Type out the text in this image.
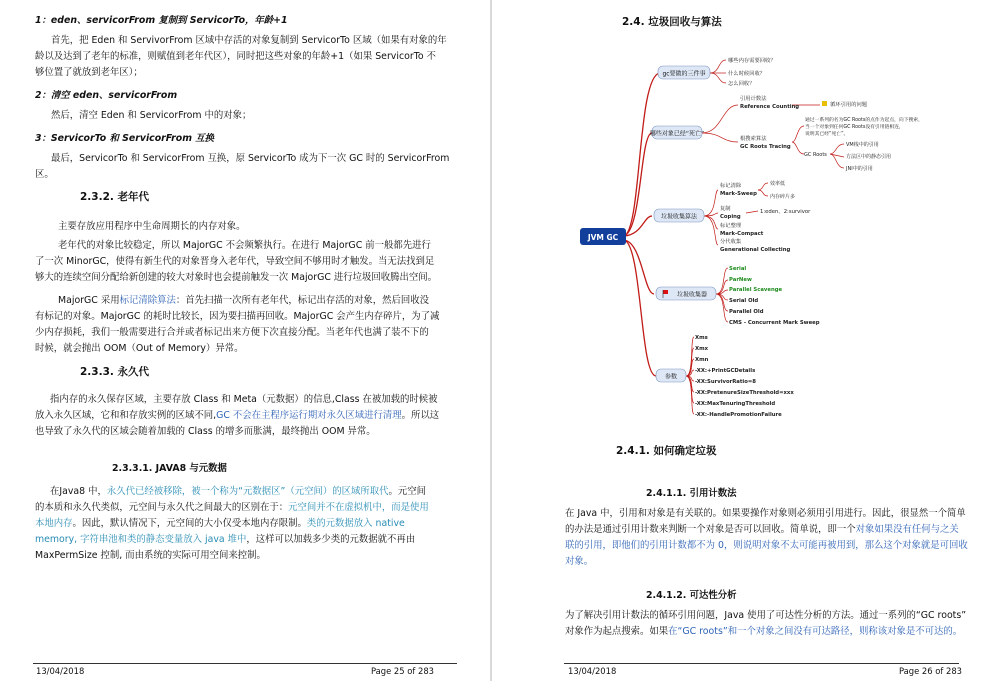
1：eden、servicorFrom 复制到 ServicorTo，年龄+1
首先，把 Eden 和 ServivorFrom 区域中存活的对象复制到 ServicorTo 区域（如果有对象的年
龄以及达到了老年的标准，则赋值到老年代区），同时把这些对象的年龄+1（如果 ServicorTo 不
够位置了就放到老年区）；
2：清空 eden、servicorFrom
然后，清空 Eden 和 ServicorFrom 中的对象；
3：ServicorTo 和 ServicorFrom 互换
最后，ServicorTo 和 ServicorFrom 互换，原 ServicorTo 成为下一次 GC 时的 ServicorFrom
区。
2.3.2. 老年代
主要存放应用程序中生命周期长的内存对象。
老年代的对象比较稳定，所以 MajorGC 不会频繁执行。在进行 MajorGC 前一般都先进行
了一次 MinorGC，使得有新生代的对象晋身入老年代，导致空间不够用时才触发。当无法找到足
够大的连续空间分配给新创建的较大对象时也会提前触发一次 MajorGC 进行垃圾回收腾出空间。
MajorGC 采用标记清除算法：首先扫描一次所有老年代，标记出存活的对象，然后回收没
有标记的对象。MajorGC 的耗时比较长，因为要扫描再回收。MajorGC 会产生内存碎片，为了减
少内存损耗，我们一般需要进行合并或者标记出来方便下次直接分配。当老年代也满了装不下的
时候，就会抛出 OOM（Out of Memory）异常。
2.3.3. 永久代
指内存的永久保存区域，主要存放 Class 和 Meta（元数据）的信息,Class 在被加载的时候被
放入永久区域，它和和存放实例的区域不同,GC 不会在主程序运行期对永久区域进行清理。所以这
也导致了永久代的区域会随着加载的 Class 的增多而胀满，最终抛出 OOM 异常。
2.3.3.1. JAVA8 与元数据
在Java8 中，永久代已经被移除，被一个称为“元数据区”（元空间）的区域所取代。元空间
的本质和永久代类似，元空间与永久代之间最大的区别在于：元空间并不在虚拟机中，而是使用
本地内存。因此，默认情况下，元空间的大小仅受本地内存限制。类的元数据放入 native
memory, 字符串池和类的静态变量放入 java 堆中，这样可以加载多少类的元数据就不再由
MaxPermSize 控制, 而由系统的实际可用空间来控制。
13/04/2018	Page 25 of 283
2.4. 垃圾回收与算法
JVM GC
gc要做的三件事
哪些对象已经“死亡”
垃圾收集算法
垃圾收集器
参数
哪些内存需要回收？
什么时候回收？
怎么回收？
引用计数法
Reference Counting	循环引用的问题
根搜索算法
GC Roots Tracing
通过一系列的名为GC Roots的点作为起点，向下搜索，
当一个对象到任何GC Roots没有引用链相连，
说明其已经“死亡”。
GC Roots
VM栈中的引用
方法区中的静态引用
JNI中的引用
标记清除
Mark-Sweep
效率低
内存碎片多
复制
Coping
1:eden、2:survivor
标记整理
Mark-Compact
分代收集
Generational Collecting
Serial
ParNew
Parallel Scavenge
Serial Old
Parallel Old
CMS - Concurrent Mark Sweep
Xms
Xmx
Xmn
-XX:+PrintGCDetails
-XX:SurvivorRatio=8
-XX:PretenureSizeThreshold=xxx
-XX:MaxTenuringThreshold
-XX:-HandlePromotionFailure
2.4.1. 如何确定垃圾
2.4.1.1. 引用计数法
在 Java 中，引用和对象是有关联的。如果要操作对象则必须用引用进行。因此，很显然一个简单
的办法是通过引用计数来判断一个对象是否可以回收。简单说，即一个对象如果没有任何与之关
联的引用，即他们的引用计数都不为 0，则说明对象不太可能再被用到，那么这个对象就是可回收
对象。
2.4.1.2. 可达性分析
为了解决引用计数法的循环引用问题，Java 使用了可达性分析的方法。通过一系列的“GC roots”
对象作为起点搜索。如果在“GC roots”和一个对象之间没有可达路径，则称该对象是不可达的。
13/04/2018	Page 26 of 283
